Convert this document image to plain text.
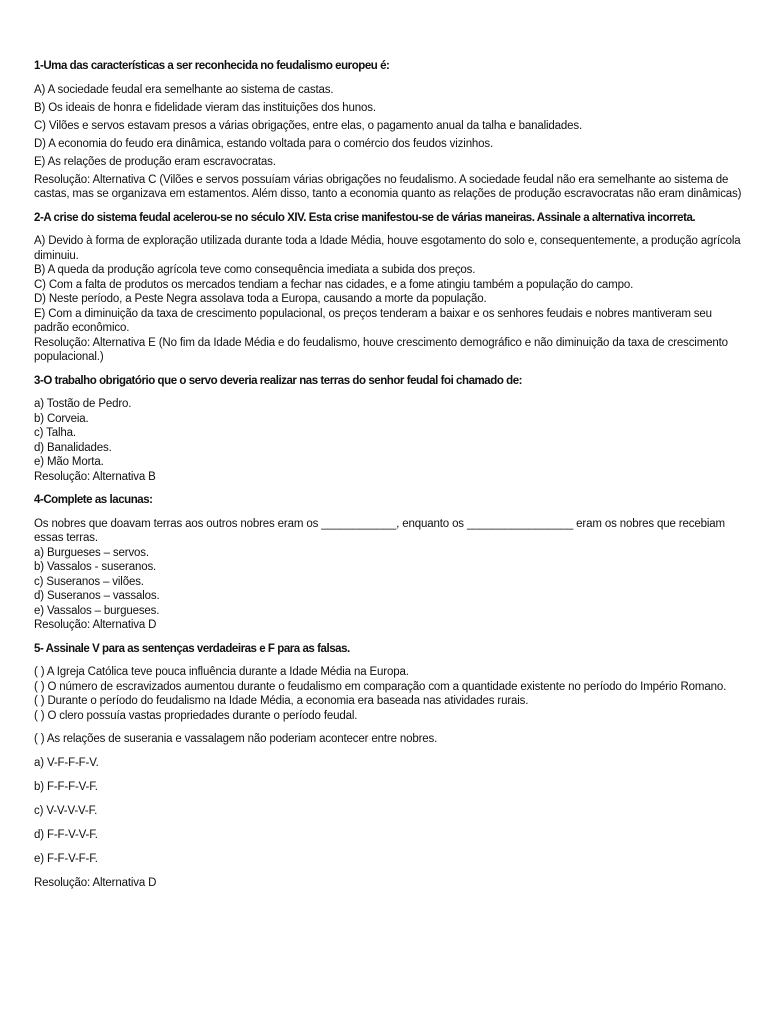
1-Uma das características a ser reconhecida no feudalismo europeu é:

A) A sociedade feudal era semelhante ao sistema de castas.

B) Os ideais de honra e fidelidade vieram das instituições dos hunos.

C) Vilões e servos estavam presos a várias obrigações, entre elas, o pagamento anual da talha e banalidades.

D) A economia do feudo era dinâmica, estando voltada para o comércio dos feudos vizinhos.

E) As relações de produção eram escravocratas.

Resolução: Alternativa C (Vilões e servos possuíam várias obrigações no feudalismo. A sociedade feudal não era semelhante ao sistema de castas, mas se organizava em estamentos. Além disso, tanto a economia quanto as relações de produção escravocratas não eram dinâmicas)

2-A crise do sistema feudal acelerou-se no século XIV. Esta crise manifestou-se de várias maneiras. Assinale a alternativa incorreta.

A) Devido à forma de exploração utilizada durante toda a Idade Média, houve esgotamento do solo e, consequentemente, a produção agrícola diminuiu.

B) A queda da produção agrícola teve como consequência imediata a subida dos preços.

C) Com a falta de produtos os mercados tendiam a fechar nas cidades, e a fome atingiu também a população do campo.

D) Neste período, a Peste Negra assolava toda a Europa, causando a morte da população.

E) Com a diminuição da taxa de crescimento populacional, os preços tenderam a baixar e os senhores feudais e nobres mantiveram seu padrão econômico.

Resolução: Alternativa E (No fim da Idade Média e do feudalismo, houve crescimento demográfico e não diminuição da taxa de crescimento populacional.)

3-O trabalho obrigatório que o servo deveria realizar nas terras do senhor feudal foi chamado de:

a) Tostão de Pedro.

b) Corveia.

c) Talha.

d) Banalidades.

e) Mão Morta.

Resolução: Alternativa B

4-Complete as lacunas:

Os nobres que doavam terras aos outros nobres eram os ____________, enquanto os _________________ eram os nobres que recebiam essas terras.

a) Burgueses – servos.

b) Vassalos - suseranos.

c) Suseranos – vilões.

d) Suseranos – vassalos.

e) Vassalos – burgueses.

Resolução: Alternativa D

5- Assinale V para as sentenças verdadeiras e F para as falsas.

( ) A Igreja Católica teve pouca influência durante a Idade Média na Europa.

( ) O número de escravizados aumentou durante o feudalismo em comparação com a quantidade existente no período do Império Romano.

( ) Durante o período do feudalismo na Idade Média, a economia era baseada nas atividades rurais.

( ) O clero possuía vastas propriedades durante o período feudal.

( ) As relações de suserania e vassalagem não poderiam acontecer entre nobres.

a) V-F-F-F-V.

b) F-F-F-V-F.

c) V-V-V-V-F.

d) F-F-V-V-F.

e) F-F-V-F-F.

Resolução: Alternativa D
